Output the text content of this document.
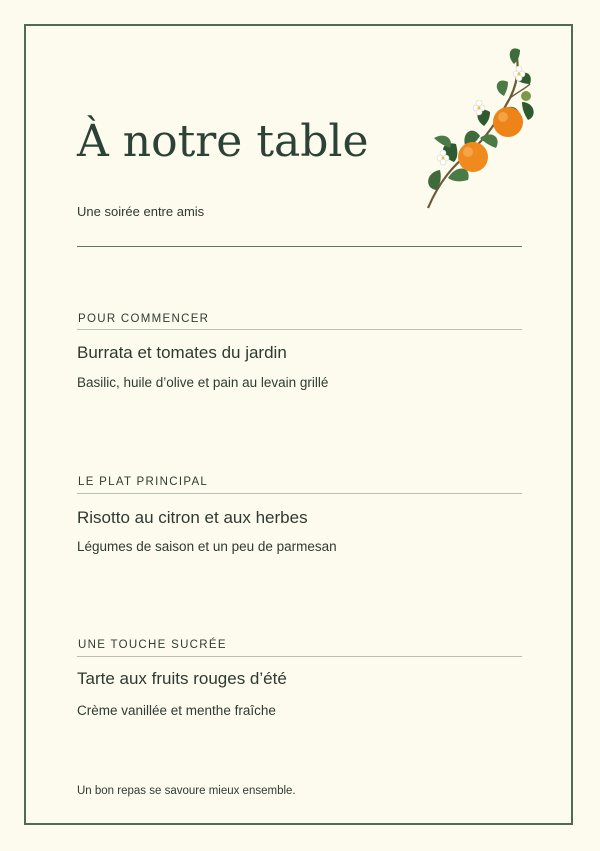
À notre table
Une soirée entre amis
POUR COMMENCER
Burrata et tomates du jardin
Basilic, huile d’olive et pain au levain grillé
LE PLAT PRINCIPAL
Risotto au citron et aux herbes
Légumes de saison et un peu de parmesan
UNE TOUCHE SUCRÉE
Tarte aux fruits rouges d’été
Crème vanillée et menthe fraîche
Un bon repas se savoure mieux ensemble.
